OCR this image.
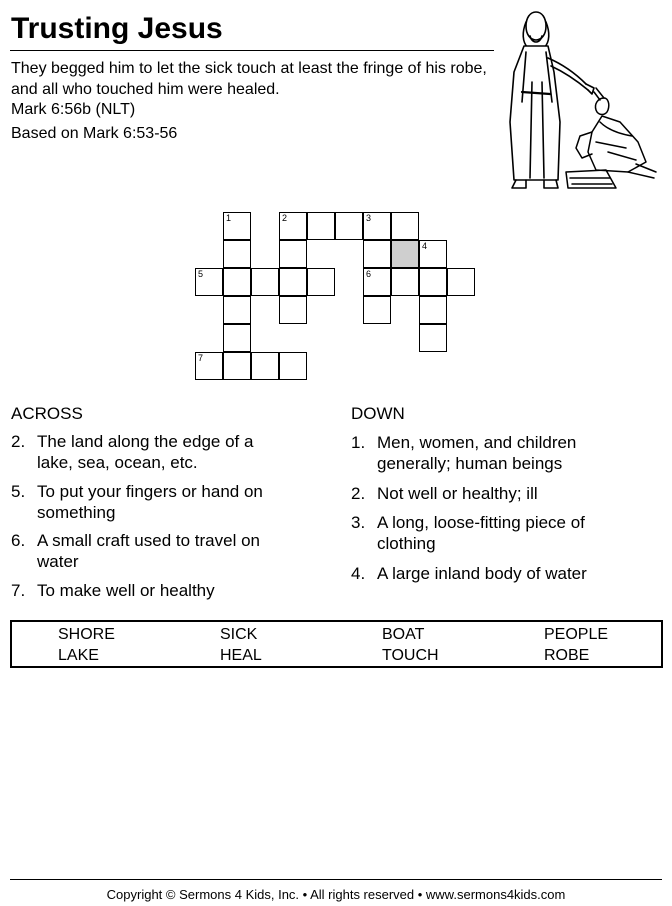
Trusting Jesus
They begged him to let the sick touch at least the fringe of his robe, and all who touched him were healed.
Mark 6:56b (NLT)
Based on Mark 6:53-56
1	2	3
4
5	6
7
ACROSS
2. The land along the edge of a
lake, sea, ocean, etc.
5. To put your fingers or hand on
something
6. A small craft used to travel on
water
7. To make well or healthy
DOWN
1. Men, women, and children
generally; human beings
2. Not well or healthy; ill
3. A long, loose-fitting piece of
clothing
4. A large inland body of water
SHORE	SICK	BOAT	PEOPLE
LAKE	HEAL	TOUCH	ROBE
Copyright © Sermons 4 Kids, Inc. • All rights reserved • www.sermons4kids.com
